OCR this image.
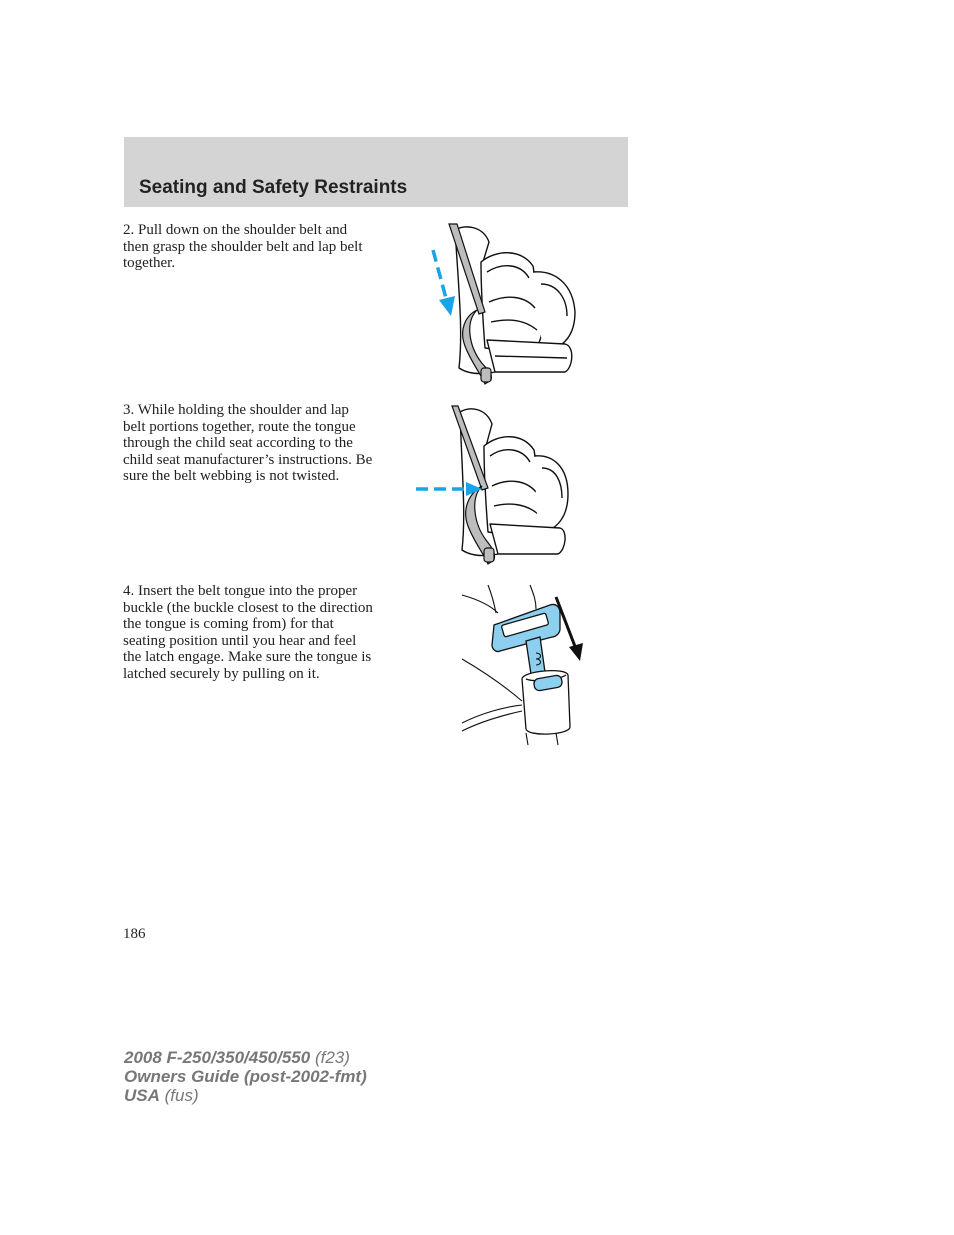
Seating and Safety Restraints
2. Pull down on the shoulder belt and then grasp the shoulder belt and lap belt together.
3. While holding the shoulder and lap belt portions together, route the tongue through the child seat according to the child seat manufacturer’s instructions. Be sure the belt webbing is not twisted.
4. Insert the belt tongue into the proper buckle (the buckle closest to the direction the tongue is coming from) for that seating position until you hear and feel the latch engage. Make sure the tongue is latched securely by pulling on it.
186
2008 F-250/350/450/550 (f23)
Owners Guide (post-2002-fmt)
USA (fus)
